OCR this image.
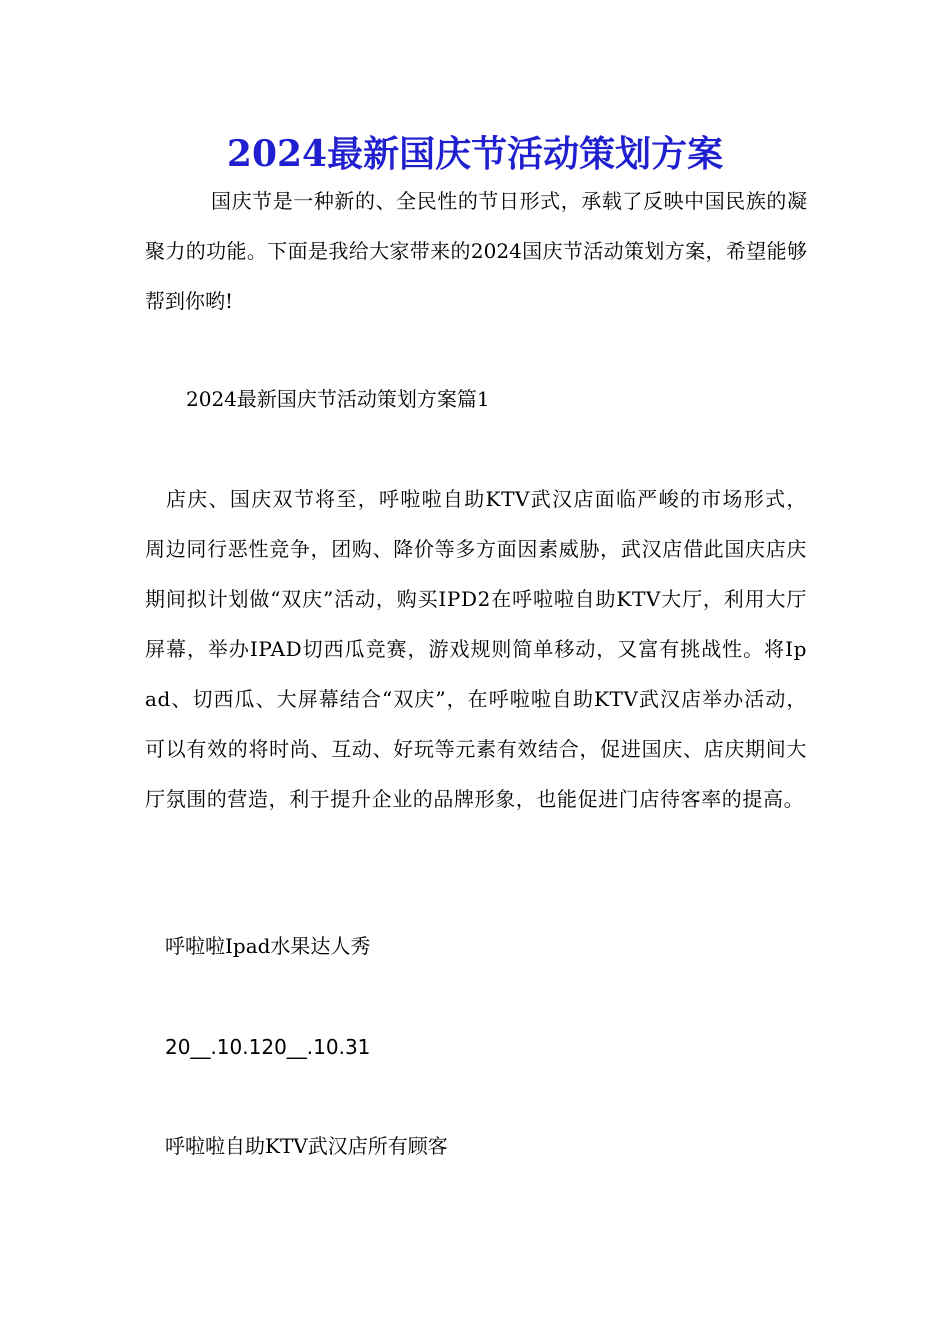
2024最新国庆节活动策划方案

国庆节是一种新的、全民性的节日形式，承载了反映中国民族的凝聚力的功能。下面是我给大家带来的2024国庆节活动策划方案，希望能够帮到你哟!

2024最新国庆节活动策划方案篇1

店庆、国庆双节将至，呼啦啦自助KTV武汉店面临严峻的市场形式，周边同行恶性竞争，团购、降价等多方面因素威胁，武汉店借此国庆店庆期间拟计划做“双庆”活动，购买IPD2在呼啦啦自助KTV大厅，利用大厅屏幕，举办IPAD切西瓜竞赛，游戏规则简单移动，又富有挑战性。将Ipad、切西瓜、大屏幕结合“双庆”，在呼啦啦自助KTV武汉店举办活动，可以有效的将时尚、互动、好玩等元素有效结合，促进国庆、店庆期间大厅氛围的营造，利于提升企业的品牌形象，也能促进门店待客率的提高。

呼啦啦Ipad水果达人秀

20__.10.120__.10.31

呼啦啦自助KTV武汉店所有顾客
